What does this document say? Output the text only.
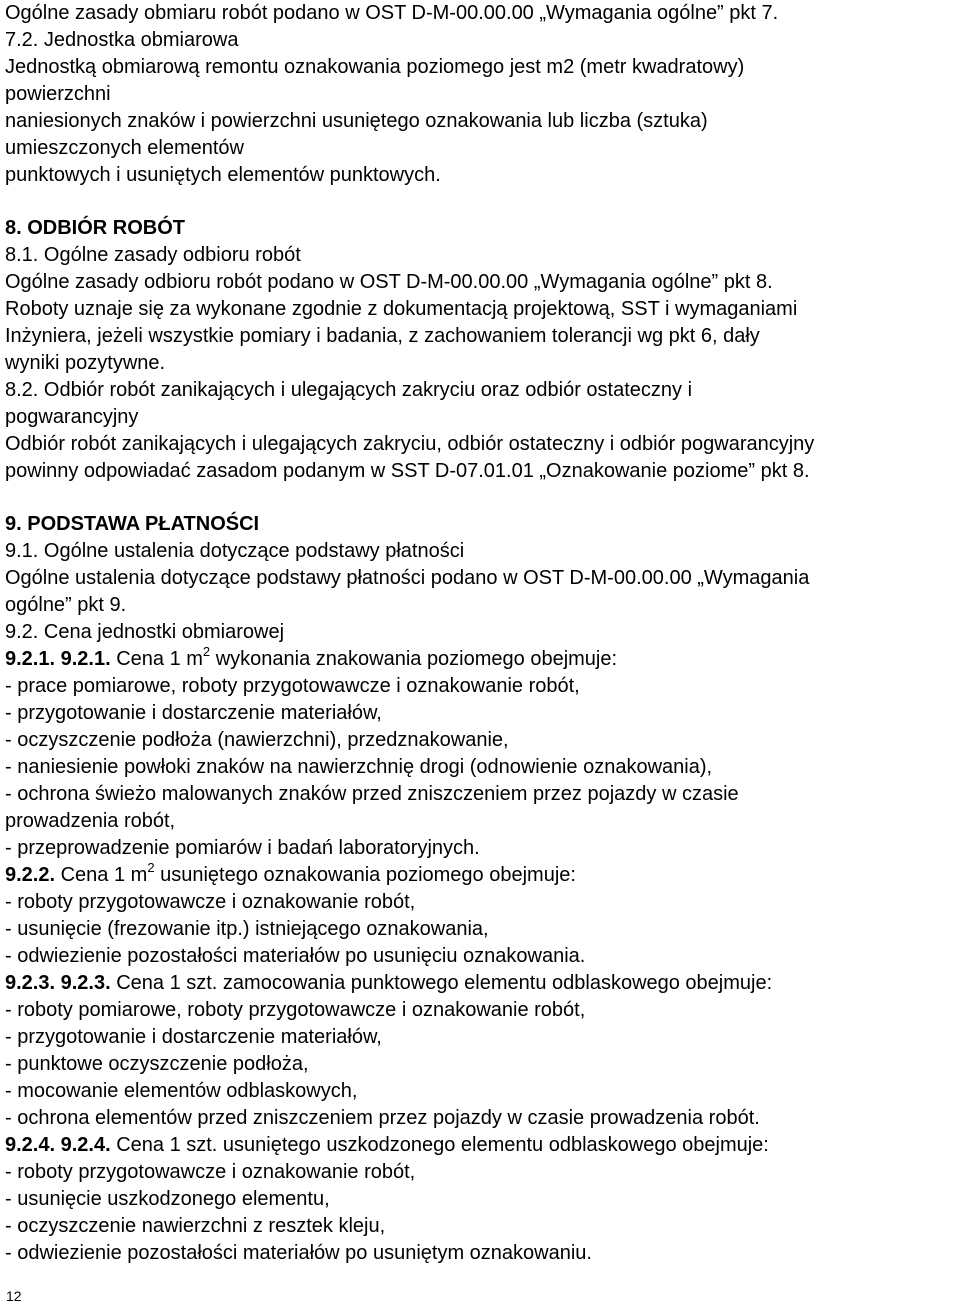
Ogólne zasady obmiaru robót podano w OST D-M-00.00.00 „Wymagania ogólne” pkt 7.
7.2. Jednostka obmiarowa
Jednostką obmiarową remontu oznakowania poziomego jest m2 (metr kwadratowy)
powierzchni
naniesionych znaków i powierzchni usuniętego oznakowania lub liczba (sztuka)
umieszczonych elementów
punktowych i usuniętych elementów punktowych.
8. ODBIÓR ROBÓT
8.1. Ogólne zasady odbioru robót
Ogólne zasady odbioru robót podano w OST D-M-00.00.00 „Wymagania ogólne” pkt 8.
Roboty uznaje się za wykonane zgodnie z dokumentacją projektową, SST i wymaganiami
Inżyniera, jeżeli wszystkie pomiary i badania, z zachowaniem tolerancji wg pkt 6, dały
wyniki pozytywne.
8.2. Odbiór robót zanikających i ulegających zakryciu oraz odbiór ostateczny i
pogwarancyjny
Odbiór robót zanikających i ulegających zakryciu, odbiór ostateczny i odbiór pogwarancyjny
powinny odpowiadać zasadom podanym w SST D-07.01.01 „Oznakowanie poziome” pkt 8.
9. PODSTAWA PŁATNOŚCI
9.1. Ogólne ustalenia dotyczące podstawy płatności
Ogólne ustalenia dotyczące podstawy płatności podano w OST D-M-00.00.00 „Wymagania
ogólne” pkt 9.
9.2. Cena jednostki obmiarowej
9.2.1. 9.2.1. Cena 1 $m^2$ wykonania znakowania poziomego obejmuje:
- prace pomiarowe, roboty przygotowawcze i oznakowanie robót,
- przygotowanie i dostarczenie materiałów,
- oczyszczenie podłoża (nawierzchni), przedznakowanie,
- naniesienie powłoki znaków na nawierzchnię drogi (odnowienie oznakowania),
- ochrona świeżo malowanych znaków przed zniszczeniem przez pojazdy w czasie
prowadzenia robót,
- przeprowadzenie pomiarów i badań laboratoryjnych.
9.2.2. Cena 1 $m^2$ usuniętego oznakowania poziomego obejmuje:
- roboty przygotowawcze i oznakowanie robót,
- usunięcie (frezowanie itp.) istniejącego oznakowania,
- odwiezienie pozostałości materiałów po usunięciu oznakowania.
9.2.3. 9.2.3. Cena 1 szt. zamocowania punktowego elementu odblaskowego obejmuje:
- roboty pomiarowe, roboty przygotowawcze i oznakowanie robót,
- przygotowanie i dostarczenie materiałów,
- punktowe oczyszczenie podłoża,
- mocowanie elementów odblaskowych,
- ochrona elementów przed zniszczeniem przez pojazdy w czasie prowadzenia robót.
9.2.4. 9.2.4. Cena 1 szt. usuniętego uszkodzonego elementu odblaskowego obejmuje:
- roboty przygotowawcze i oznakowanie robót,
- usunięcie uszkodzonego elementu,
- oczyszczenie nawierzchni z resztek kleju,
- odwiezienie pozostałości materiałów po usuniętym oznakowaniu.
12
